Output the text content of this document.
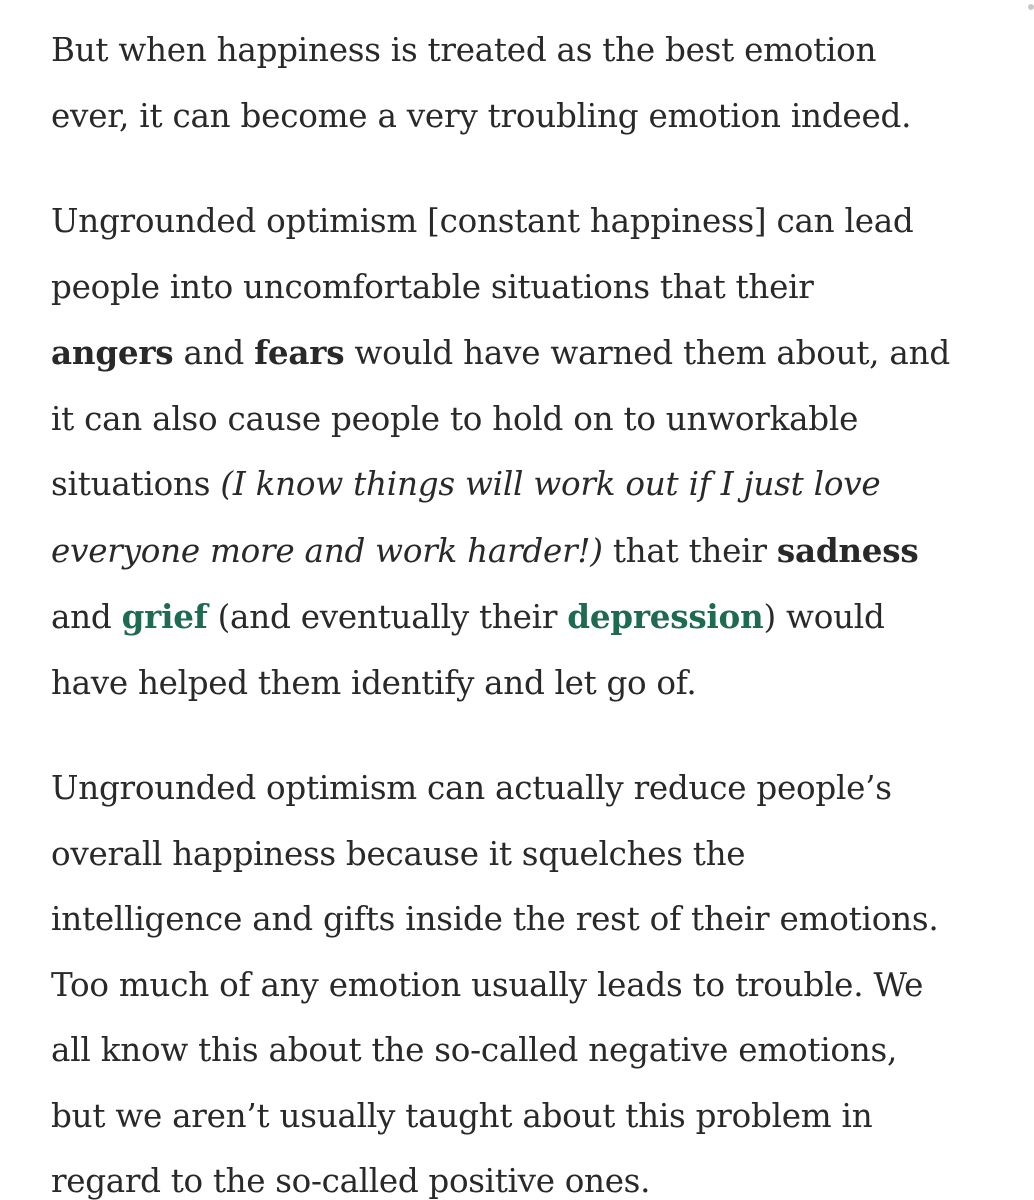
But when happiness is treated as the best emotion
ever, it can become a very troubling emotion indeed.

Ungrounded optimism [constant happiness] can lead
people into uncomfortable situations that their
angers and fears would have warned them about, and
it can also cause people to hold on to unworkable
situations (I know things will work out if I just love
everyone more and work harder!) that their sadness
and grief (and eventually their depression) would
have helped them identify and let go of.

Ungrounded optimism can actually reduce people’s
overall happiness because it squelches the
intelligence and gifts inside the rest of their emotions.
Too much of any emotion usually leads to trouble. We
all know this about the so-called negative emotions,
but we aren’t usually taught about this problem in
regard to the so-called positive ones.
